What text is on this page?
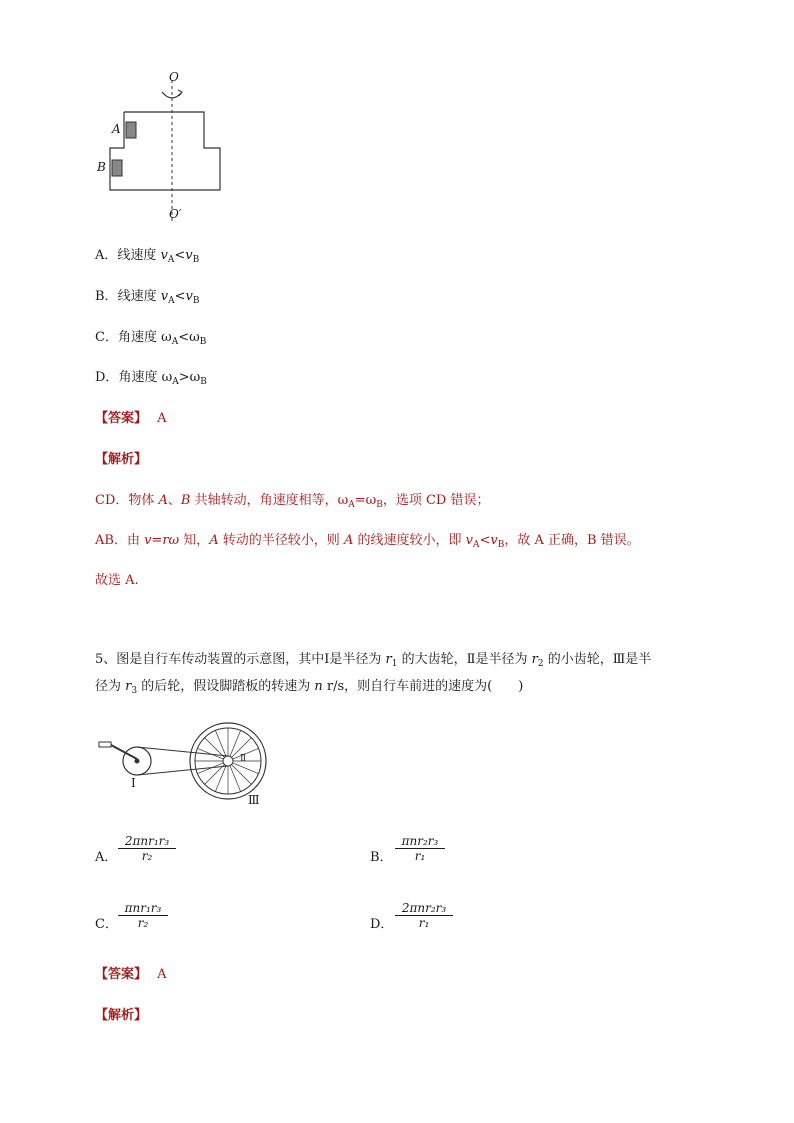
O
O′
A
B
A．线速度 $v_A<v_B$
B．线速度 $v_A<v_B$
C．角速度 $\omega_A<\omega_B$
D．角速度 $\omega_A>\omega_B$
【答案】 A
【解析】
CD．物体 A、B 共轴转动，角速度相等，$\omega_A=\omega_B$，选项 CD 错误；
AB．由 v=rω 知，A 转动的半径较小，则 A 的线速度较小，即 $v_A<v_B$，故 A 正确，B 错误。
故选 A.
5、图是自行车传动装置的示意图，其中Ⅰ是半径为 $r_1$ 的大齿轮，Ⅱ是半径为 $r_2$ 的小齿轮，Ⅲ是半
径为 $r_3$ 的后轮，假设脚踏板的转速为 n r/s，则自行车前进的速度为(　　)
Ⅰ
Ⅱ
Ⅲ
A．
2πnr₁r₃
r₂	B．
πnr₂r₃
r₁
C．
πnr₁r₃
r₂	D．
2πnr₂r₃
r₁
【答案】 A
【解析】
